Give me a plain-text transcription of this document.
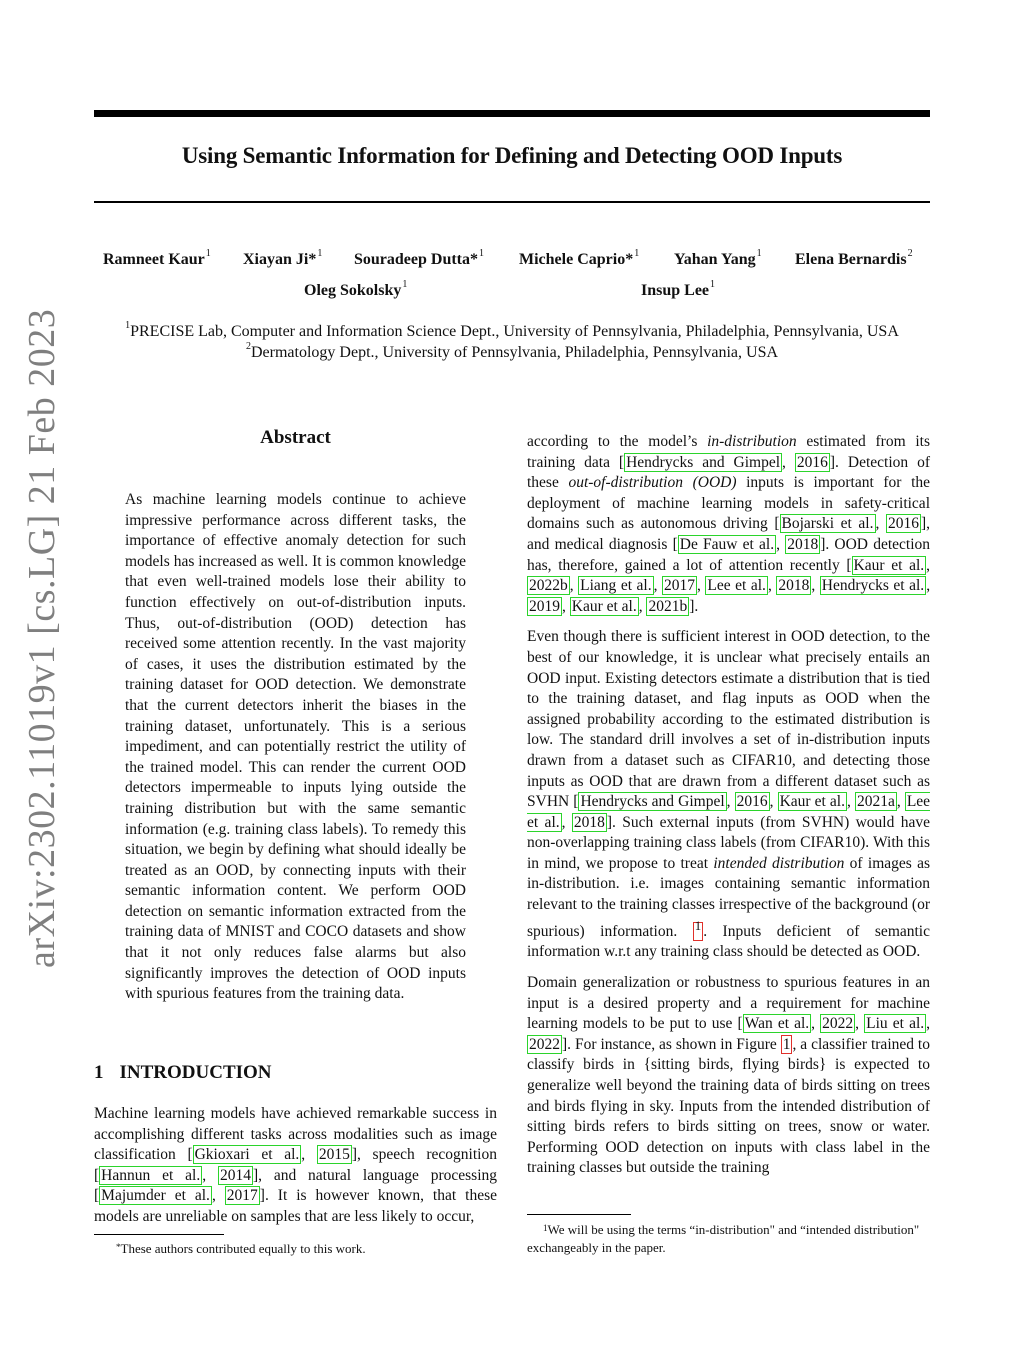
arXiv:2302.11019v1 [cs.LG] 21 Feb 2023
Using Semantic Information for Defining and Detecting OOD Inputs
Ramneet Kaur$^1$ Xiayan Ji*$^1$ Souradeep Dutta*$^1$ Michele Caprio*$^1$ Yahan Yang$^1$ Elena Bernardis$^2$
Oleg Sokolsky$^1$	Insup Lee$^1$
$^1$PRECISE Lab, Computer and Information Science Dept., University of Pennsylvania, Philadelphia, Pennsylvania, USA
$^2$Dermatology Dept., University of Pennsylvania, Philadelphia, Pennsylvania, USA
Abstract
As machine learning models continue to achieve impressive performance across different tasks, the importance of effective anomaly detection for such models has increased as well. It is common knowledge that even well-trained models lose their ability to function effectively on out-of-distribution inputs. Thus, out-of-distribution (OOD) detection has received some attention recently. In the vast majority of cases, it uses the distribution estimated by the training dataset for OOD detection. We demonstrate that the current detectors inherit the biases in the training dataset, unfortunately. This is a serious impediment, and can potentially restrict the utility of the trained model. This can render the current OOD detectors impermeable to inputs lying outside the training distribution but with the same semantic information (e.g. training class labels). To remedy this situation, we begin by defining what should ideally be treated as an OOD, by connecting inputs with their semantic information content. We perform OOD detection on semantic information extracted from the training data of MNIST and COCO datasets and show that it not only reduces false alarms but also significantly improves the detection of OOD inputs with spurious features from the training data.
1 INTRODUCTION

Machine learning models have achieved remarkable success in accomplishing different tasks across modalities such as image classification [ Gkioxari et al. , 2015 ], speech recognition [ Hannun et al. , 2014 ], and natural language processing [ Majumder et al. , 2017 ]. It is however known, that these models are unreliable on samples that are less likely to occur,

according to the model’s in-distribution estimated from its training data [ Hendrycks and Gimpel , 2016 ]. Detection of these out-of-distribution (OOD) inputs is important for the deployment of machine learning models in safety-critical domains such as autonomous driving [ Bojarski et al. , 2016 ], and medical diagnosis [ De Fauw et al. , 2018 ]. OOD detection has, therefore, gained a lot of attention recently [ Kaur et al. , 2022b , Liang et al. , 2017 , Lee et al. , 2018 , Hendrycks et al. , 2019 , Kaur et al. , 2021b ].

Even though there is sufficient interest in OOD detection, to the best of our knowledge, it is unclear what precisely entails an OOD input. Existing detectors estimate a distribution that is tied to the training dataset, and flag inputs as OOD when the assigned probability according to the estimated distribution is low. The standard drill involves a set of in-distribution inputs drawn from a dataset such as CIFAR10, and detecting those inputs as OOD that are drawn from a different dataset such as SVHN [ Hendrycks and Gimpel , 2016 , Kaur et al. , 2021a , Lee et al. , 2018 ]. Such external inputs (from SVHN) would have non-overlapping training class labels (from CIFAR10). With this in mind, we propose to treat intended distribution of images as in-distribution. i.e. images containing semantic information relevant to the training classes irrespective of the background (or spurious) information. $^1$ . Inputs deficient of semantic information w.r.t any training class should be detected as OOD.

Domain generalization or robustness to spurious features in an input is a desired property and a requirement for machine learning models to be put to use [ Wan et al. , 2022 , Liu et al. , 2022 ]. For instance, as shown in Figure 1 , a classifier trained to classify birds in {sitting birds, flying birds} is expected to generalize well beyond the training data of birds sitting on trees and birds flying in sky. Inputs from the intended distribution of sitting birds refers to birds sitting on trees, snow or water. Performing OOD detection on inputs with class label in the training classes but outside the training

*These authors contributed equally to this work.
$^1$We will be using the terms “in-distribution" and “intended distribution" exchangeably in the paper.
